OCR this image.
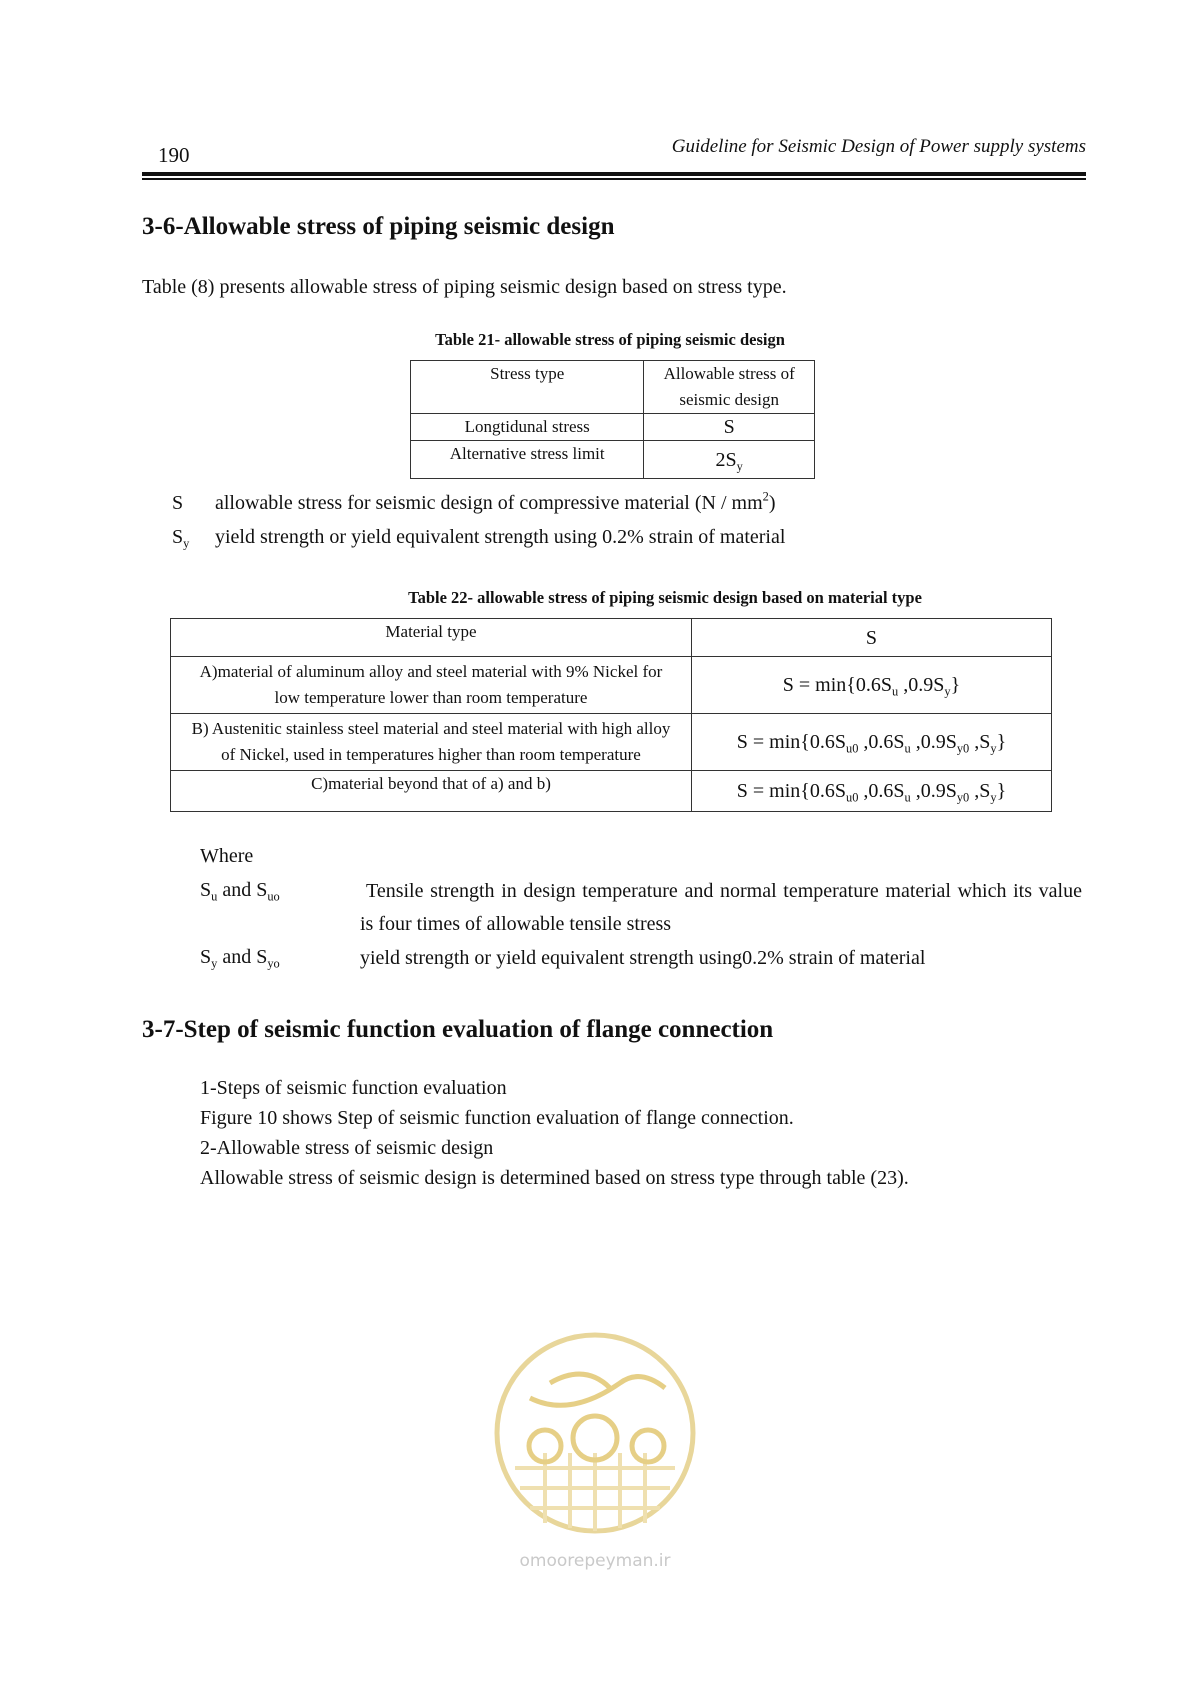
190	Guideline for Seismic Design of Power supply systems
3-6-Allowable stress of piping seismic design
Table (8) presents allowable stress of piping seismic design based on stress type.
Table 21- allowable stress of piping seismic design
Stress type	Allowable stress of seismic design
Longtidunal stress	S
Alternative stress limit	$2S_y$
S allowable stress for seismic design of compressive material $(N / mm^2)$
$S_y$ yield strength or yield equivalent strength using 0.2% strain of material
Table 22- allowable stress of piping seismic design based on material type
Material type	S
A)material of aluminum alloy and steel material with 9% Nickel for low temperature lower than room temperature	$S = \min\{0.6S_u$ $,0.9S_y$}
B) Austenitic stainless steel material and steel material with high alloy of Nickel, used in temperatures higher than room temperature	$S = \min\{0.6S_{u0}$ $,0.6S_u$ $,0.9S_{y0}$ $,S_y$}
C)material beyond that of a) and b)	$S = \min\{0.6S_{u0}$ $,0.6S_u$ $,0.9S_{y0}$ $,S_y$}
Where
$S_u$ and $S_{uo}$	Tensile strength in design temperature and normal temperature material which its value is four times of allowable tensile stress
$S_y$ and $S_{yo}$	yield strength or yield equivalent strength using0.2% strain of material
3-7-Step of seismic function evaluation of flange connection
1-Steps of seismic function evaluation
Figure 10 shows Step of seismic function evaluation of flange connection.
2-Allowable stress of seismic design
Allowable stress of seismic design is determined based on stress type through table (23).
omoorepeyman.ir
